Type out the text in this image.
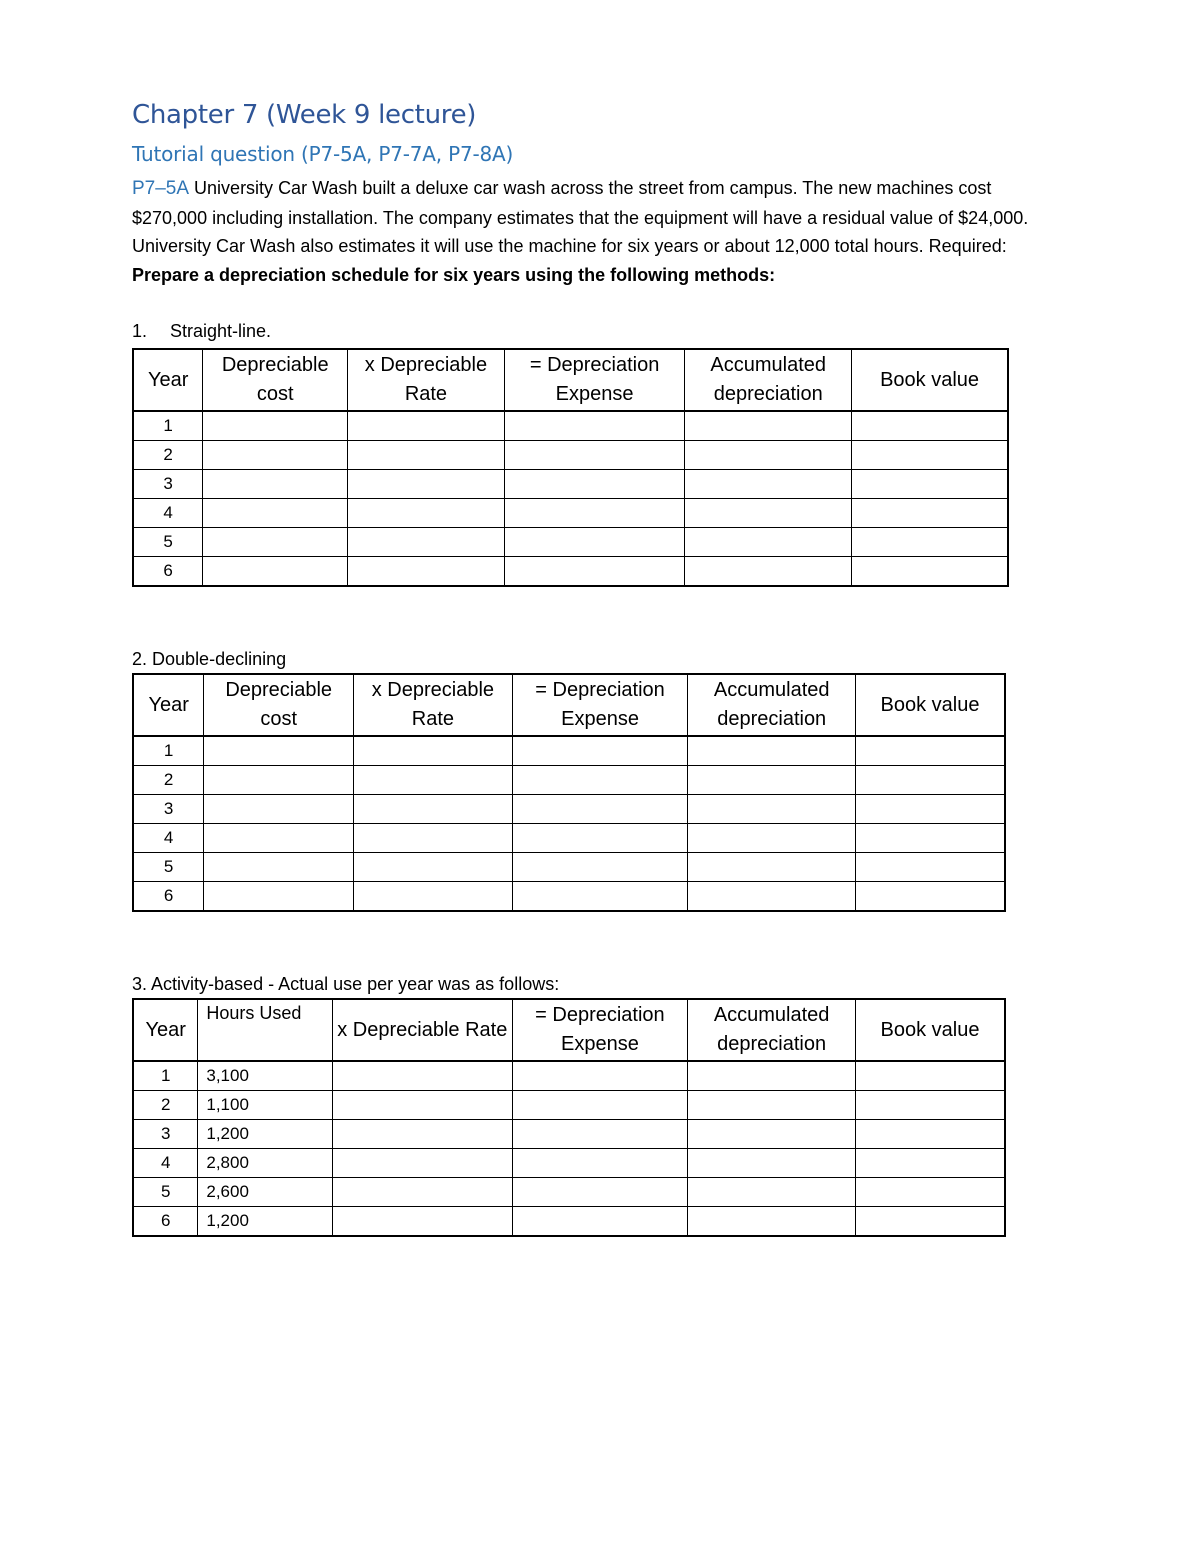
Chapter 7 (Week 9 lecture)
Tutorial question (P7-5A, P7-7A, P7-8A)

P7–5A University Car Wash built a deluxe car wash across the street from campus. The new machines cost $270,000 including installation. The company estimates that the equipment will have a residual value of $24,000. University Car Wash also estimates it will use the machine for six years or about 12,000 total hours. Required: Prepare a depreciation schedule for six years using the following methods:

1. Straight-line.
Year	Depreciable cost	x Depreciable Rate	= Depreciation Expense	Accumulated depreciation	Book value
1					
2					
3					
4					
5					
6					
2. Double-declining
Year	Depreciable cost	x Depreciable Rate	= Depreciation Expense	Accumulated depreciation	Book value
1					
2					
3					
4					
5					
6					
3. Activity-based - Actual use per year was as follows:
Year	Hours Used	x Depreciable Rate	= Depreciation Expense	Accumulated depreciation	Book value
1	3,100				
2	1,100				
3	1,200				
4	2,800				
5	2,600				
6	1,200				
